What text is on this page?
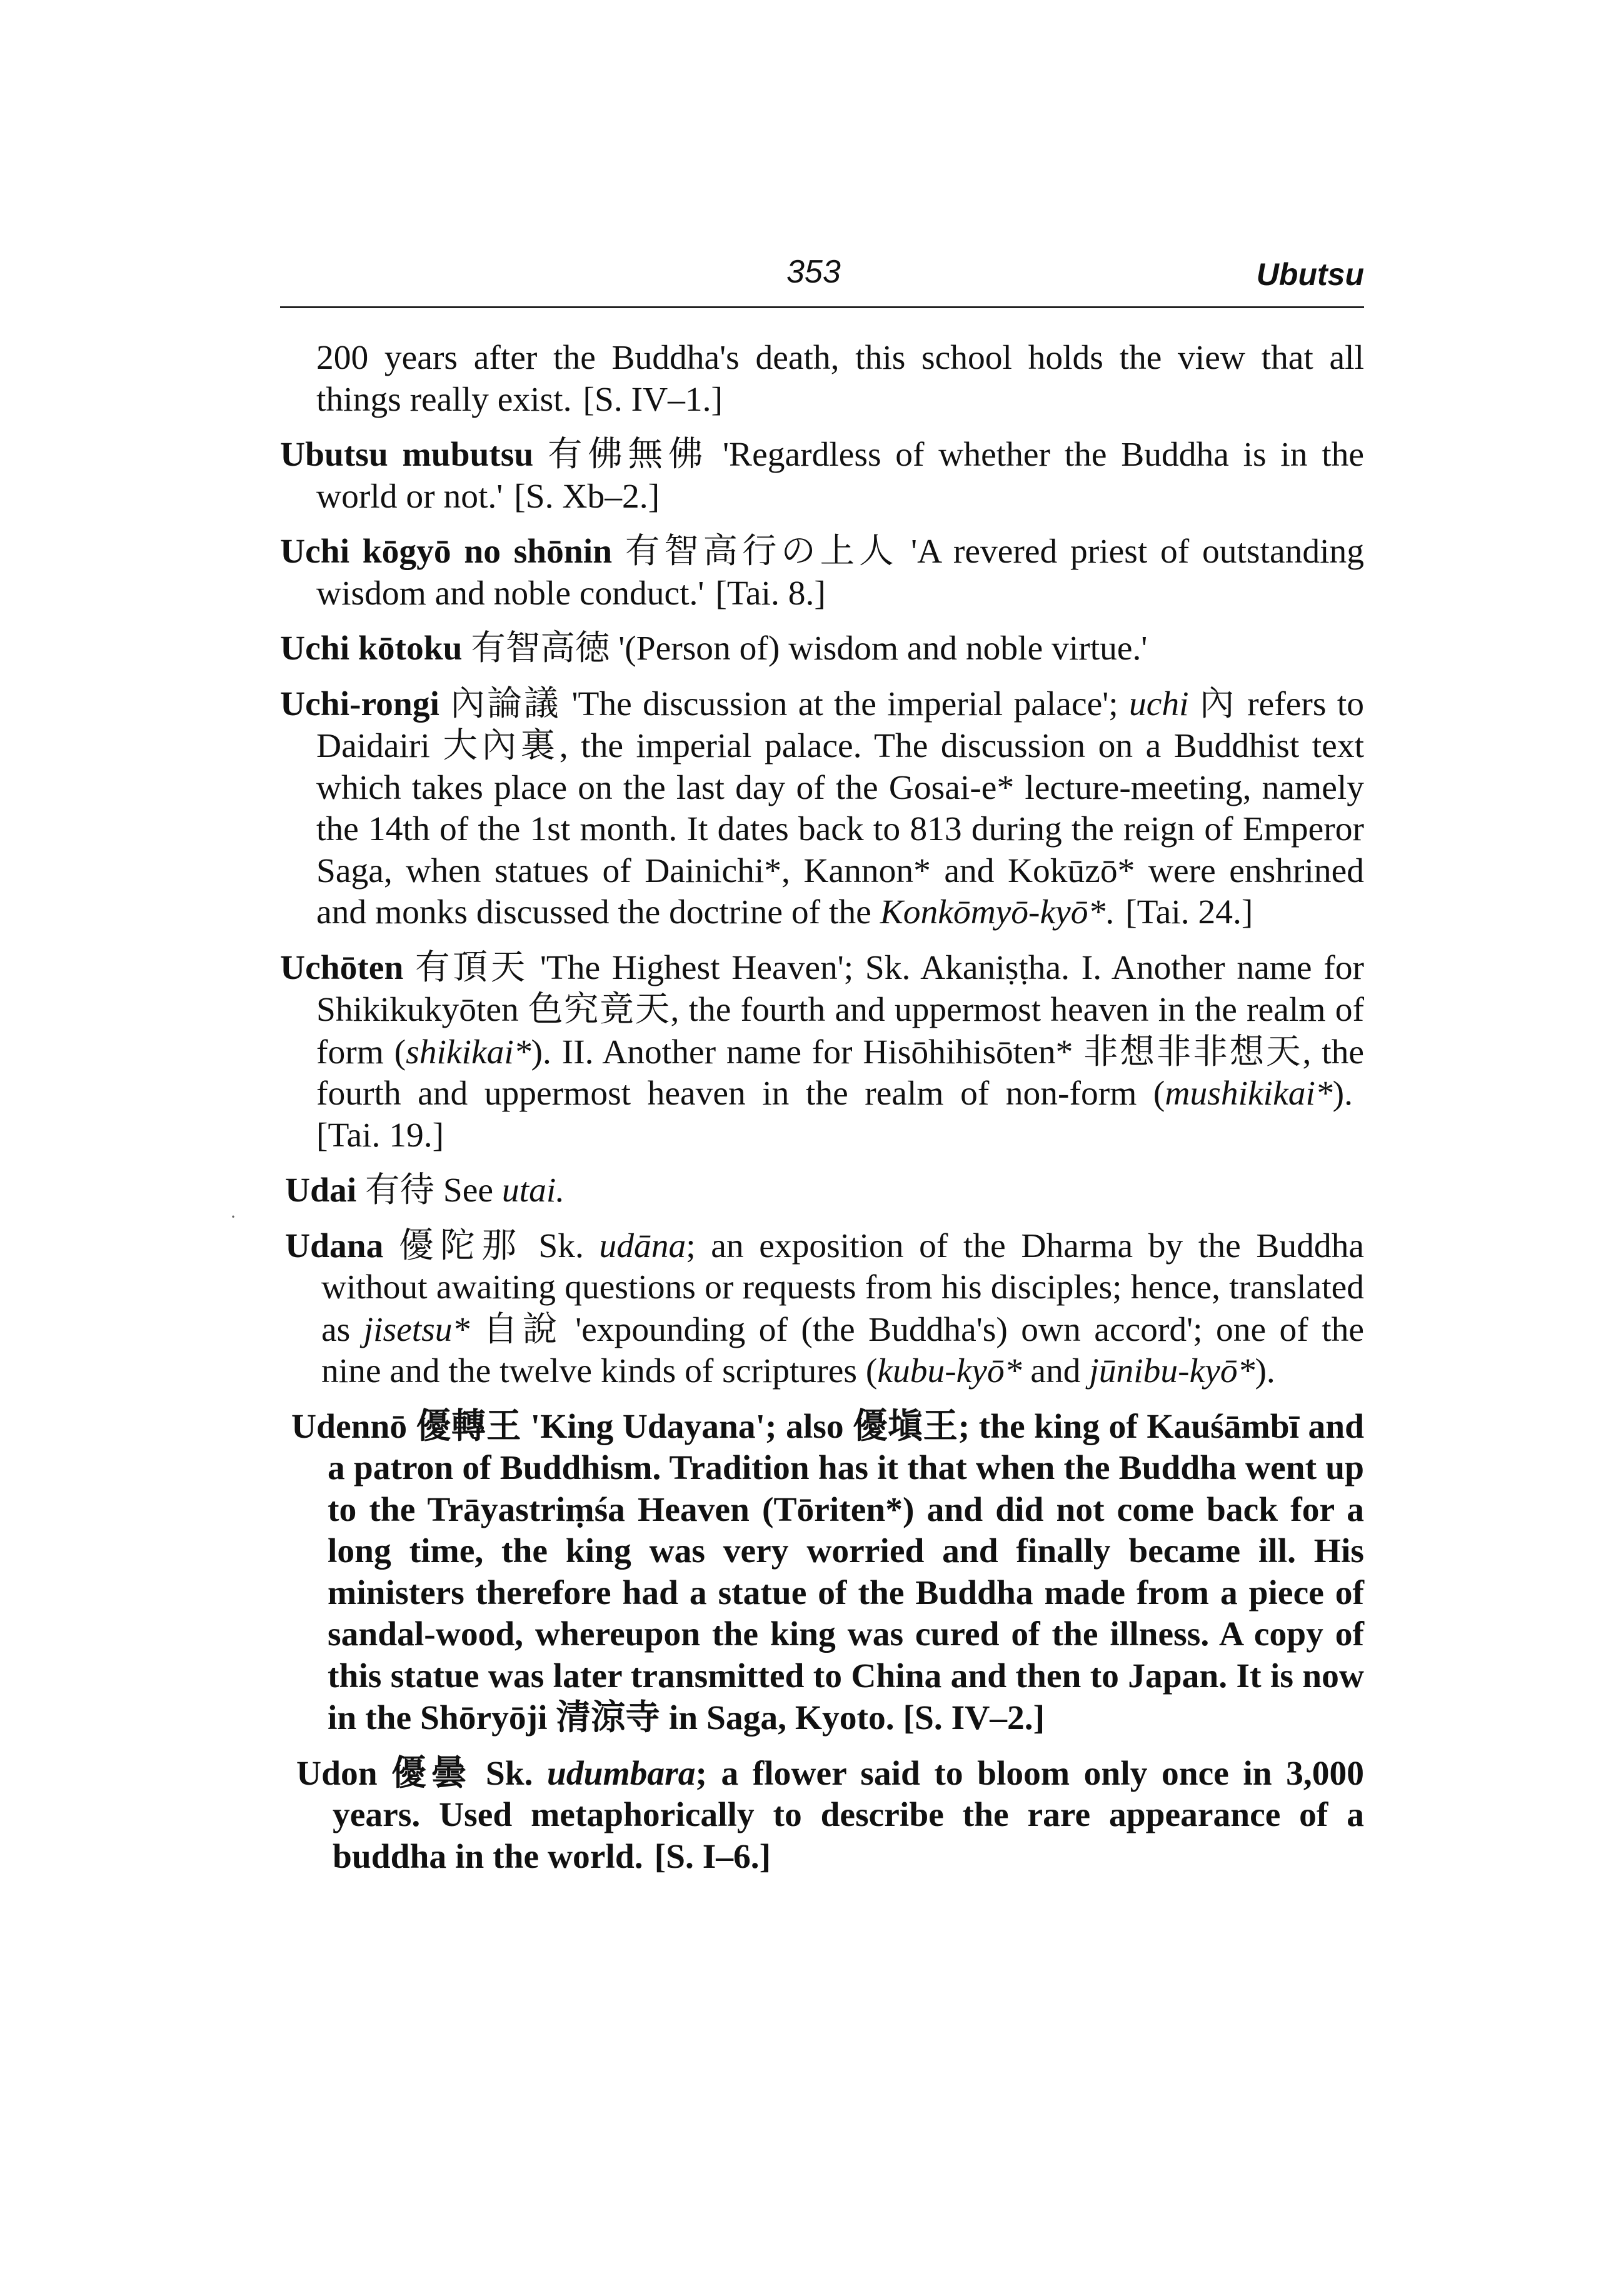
353	Ubutsu
·

200 years after the Buddha's death, this school holds the view that all things really exist. [S. IV–1.]

Ubutsu mubutsu 有佛無佛 'Regardless of whether the Buddha is in the world or not.' [S. Xb–2.]

Uchi kōgyō no shōnin 有智高行の上人 'A revered priest of outstanding wisdom and noble conduct.' [Tai. 8.]

Uchi kōtoku 有智高徳 '(Person of) wisdom and noble virtue.'

Uchi-rongi 內論議 'The discussion at the imperial palace'; uchi 內 refers to Daidairi 大內裏, the imperial palace. The discussion on a Buddhist text which takes place on the last day of the Gosai-e* lecture-meeting, namely the 14th of the 1st month. It dates back to 813 during the reign of Emperor Saga, when statues of Dainichi*, Kannon* and Kokūzō* were enshrined and monks discussed the doctrine of the Konkōmyō-kyō*. [Tai. 24.]

Uchōten 有頂天 'The Highest Heaven'; Sk. Akaniṣṭha. I. Another name for Shikikukyōten 色究竟天, the fourth and uppermost heaven in the realm of form (shikikai*). II. Another name for Hisōhihisōten* 非想非非想天, the fourth and uppermost heaven in the realm of non-form (mushikikai*).[Tai. 19.]

Udai 有待 See utai.

Udana 優陀那 Sk. udāna; an exposition of the Dharma by the Buddha without awaiting questions or requests from his disciples; hence, translated as jisetsu* 自說 'expounding of (the Buddha's) own accord'; one of the nine and the twelve kinds of scriptures (kubu-kyō* and jūnibu-kyō*).

Udennō 優轉王 'King Udayana'; also 優塡王; the king of Kauśāmbī and a patron of Buddhism. Tradition has it that when the Buddha went up to the Trāyastriṃśa Heaven (Tōriten*) and did not come back for a long time, the king was very worried and finally became ill. His ministers therefore had a statue of the Buddha made from a piece of sandal-wood, whereupon the king was cured of the illness. A copy of this statue was later transmitted to China and then to Japan. It is now in the Shōryōji 清涼寺 in Saga, Kyoto. [S. IV–2.]

Udon 優曇 Sk. udumbara; a flower said to bloom only once in 3,000 years. Used metaphorically to describe the rare appearance of a buddha in the world. [S. I–6.]
